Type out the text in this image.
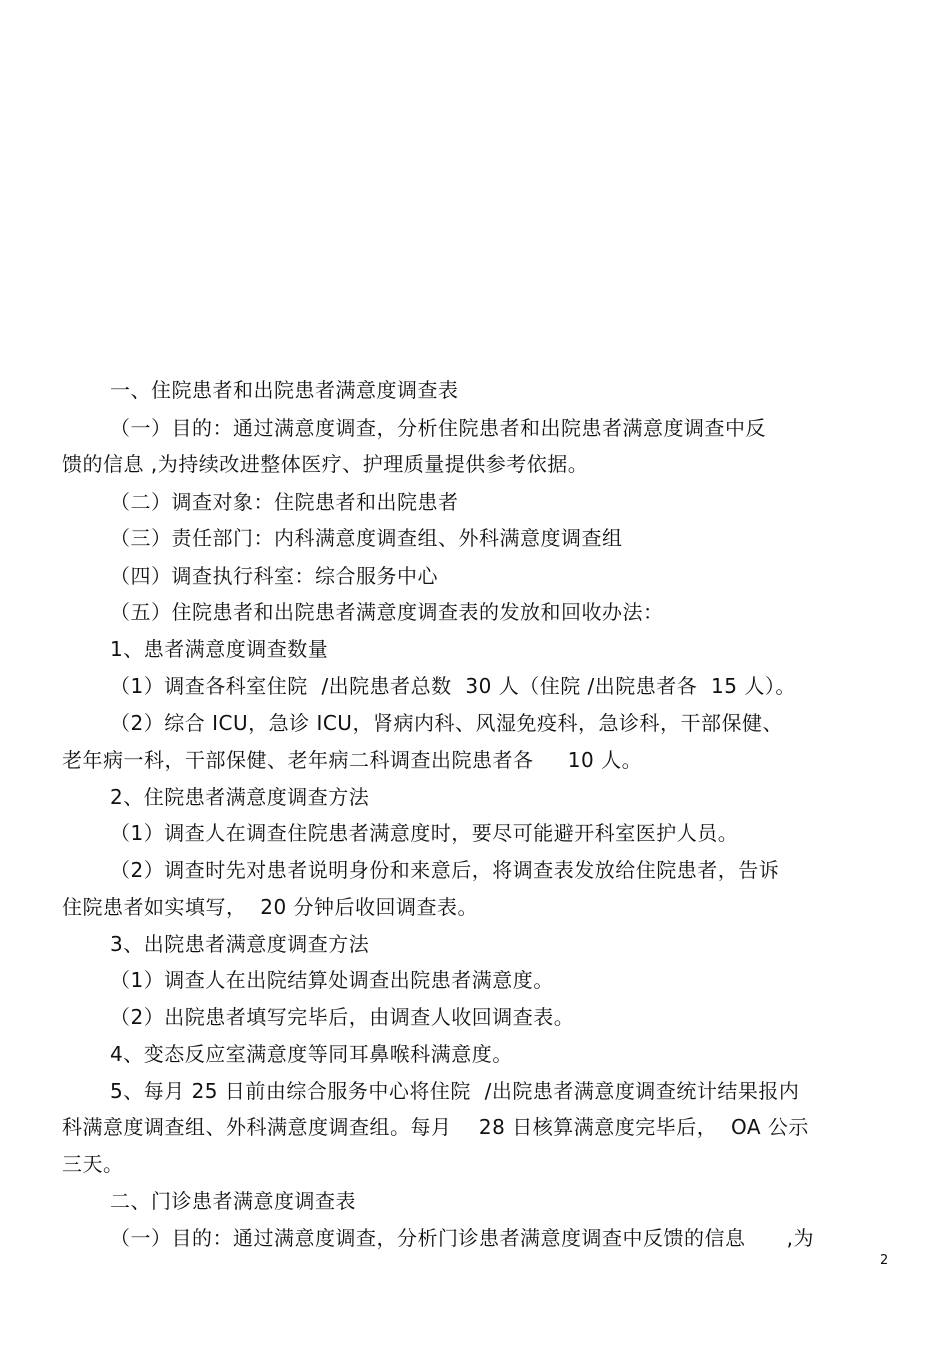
一、住院患者和出院患者满意度调查表
（一）目的：通过满意度调查，分析住院患者和出院患者满意度调查中反
馈的信息 ,为持续改进整体医疗、护理质量提供参考依据。
（二）调查对象：住院患者和出院患者
（三）责任部门：内科满意度调查组、外科满意度调查组
（四）调查执行科室：综合服务中心
（五）住院患者和出院患者满意度调查表的发放和回收办法：
1、患者满意度调查数量
（1）调查各科室住院  /出院患者总数  30 人（住院 /出院患者各  15 人）。
（2）综合 ICU，急诊 ICU，肾病内科、风湿免疫科，急诊科，干部保健、
老年病一科，干部保健、老年病二科调查出院患者各     10 人。
2、住院患者满意度调查方法
（1）调查人在调查住院患者满意度时，要尽可能避开科室医护人员。
（2）调查时先对患者说明身份和来意后，将调查表发放给住院患者，告诉
住院患者如实填写，  20 分钟后收回调查表。
3、出院患者满意度调查方法
（1）调查人在出院结算处调查出院患者满意度。
（2）出院患者填写完毕后，由调查人收回调查表。
4、变态反应室满意度等同耳鼻喉科满意度。
5、每月 25 日前由综合服务中心将住院  /出院患者满意度调查统计结果报内
科满意度调查组、外科满意度调查组。每月    28 日核算满意度完毕后，  OA 公示
三天。
二、门诊患者满意度调查表
（一）目的：通过满意度调查，分析门诊患者满意度调查中反馈的信息      ,为
2
